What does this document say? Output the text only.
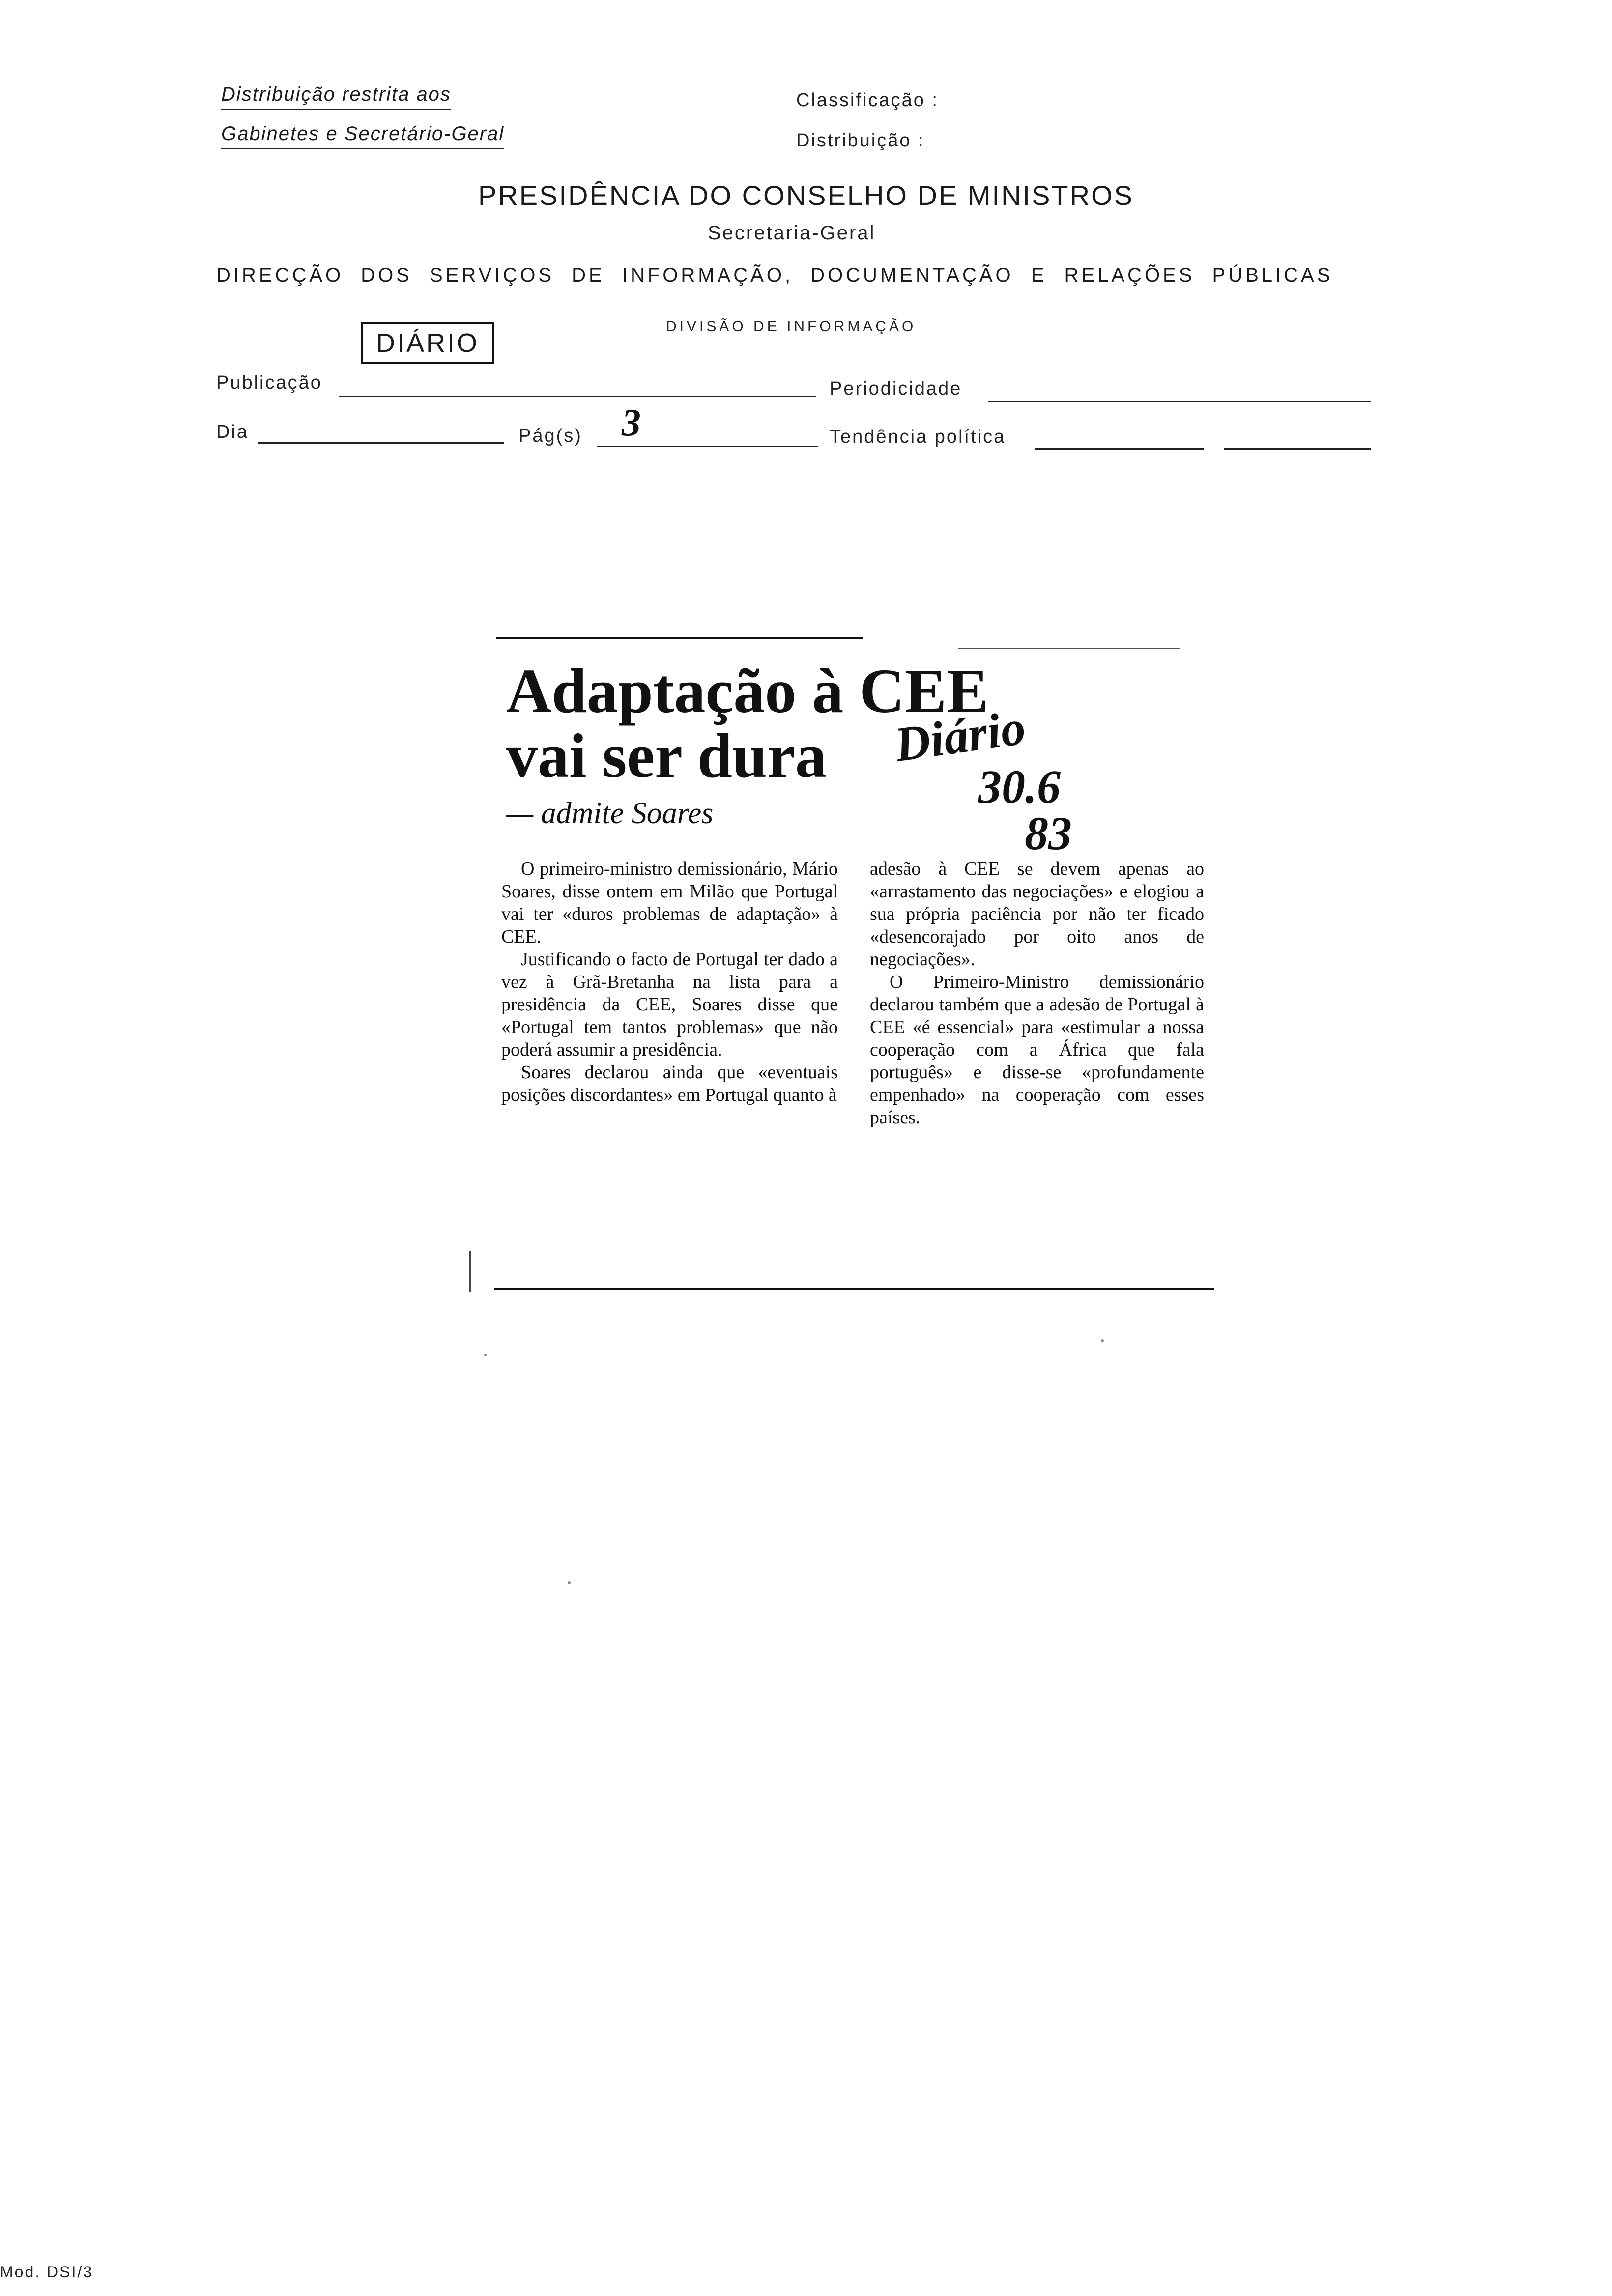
Distribuição restrita aos
Gabinetes e Secretário-Geral
Classificação :
Distribuição :
PRESIDÊNCIA DO CONSELHO DE MINISTROS
Secretaria-Geral
DIRECÇÃO DOS SERVIÇOS DE INFORMAÇÃO, DOCUMENTAÇÃO E RELAÇÕES PÚBLICAS
DIVISÃO DE INFORMAÇÃO
DIÁRIO
Publicação	Periodicidade
Dia	Pág(s) 3	Tendência política
Adaptação à CEE
vai ser dura
— admite Soares
Diário
30.6
83

O primeiro-ministro demissionário, Mário Soares, disse ontem em Milão que Portugal vai ter «duros problemas de adaptação» à CEE.

Justificando o facto de Portugal ter dado a vez à Grã-Bretanha na lista para a presidência da CEE, Soares disse que «Portugal tem tantos problemas» que não poderá assumir a presidência.

Soares declarou ainda que «eventuais posições discordantes» em Portugal quanto à

adesão à CEE se devem apenas ao «arrastamento das negociações» e elogiou a sua própria paciência por não ter ficado «desencorajado por oito anos de negociações».

O Primeiro-Ministro demissionário declarou também que a adesão de Portugal à CEE «é essencial» para «estimular a nossa cooperação com a África que fala português» e disse-se «profundamente empenhado» na cooperação com esses países.

Mod. DSI/3
